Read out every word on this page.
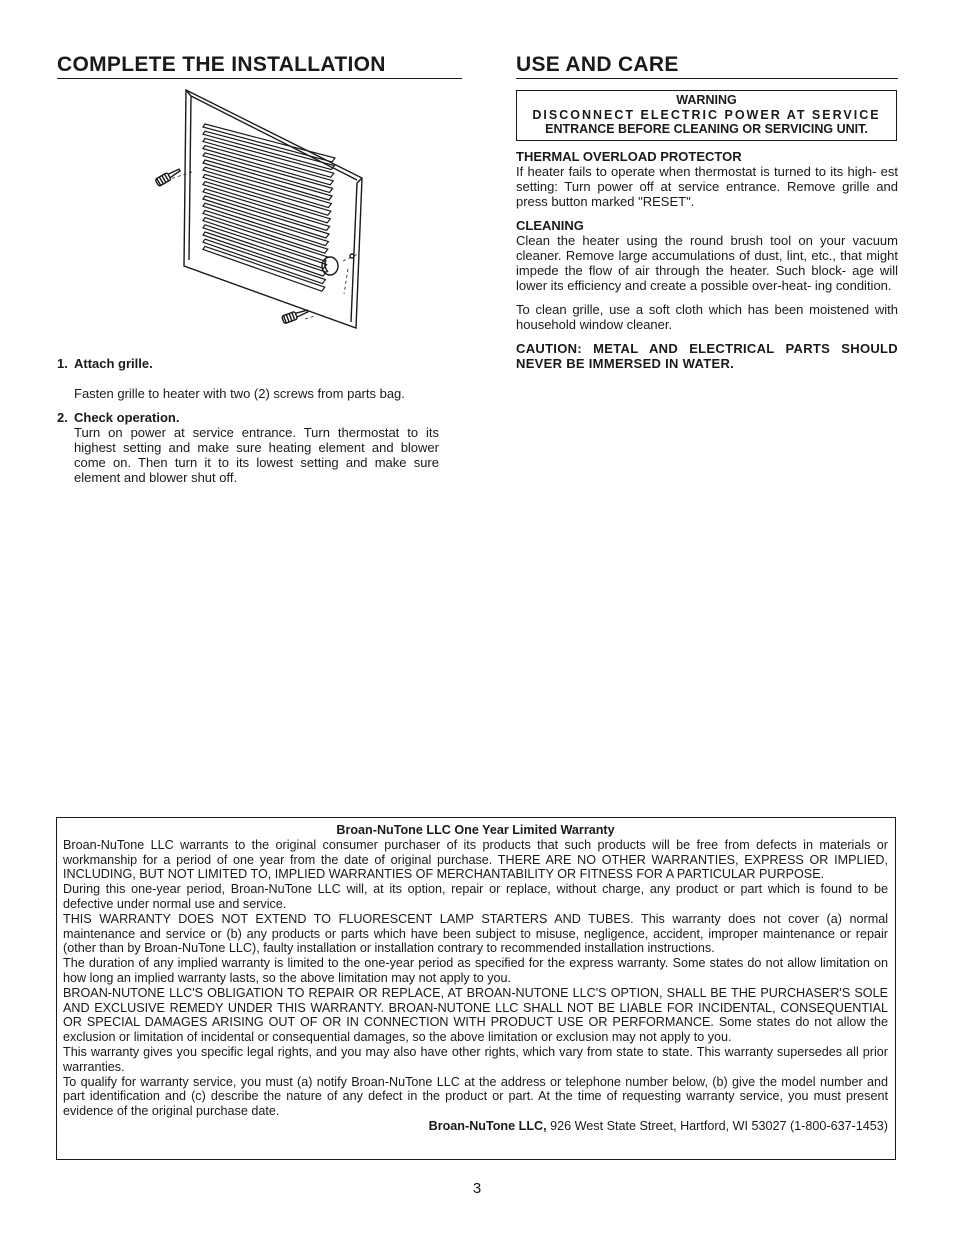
COMPLETE THE INSTALLATION
1. Attach grille.
Fasten grille to heater with two (2) screws from parts bag.
2. Check operation.
Turn on power at service entrance. Turn thermostat to its highest setting and make sure heating element and blower come on. Then turn it to its lowest setting and make sure element and blower shut off.
USE AND CARE
WARNING
DISCONNECT ELECTRIC POWER AT SERVICE
ENTRANCE BEFORE CLEANING OR SERVICING UNIT.
THERMAL OVERLOAD PROTECTOR

If heater fails to operate when thermostat is turned to its high- est setting: Turn power off at service entrance. Remove grille and press button marked "RESET".

CLEANING

Clean the heater using the round brush tool on your vacuum cleaner. Remove large accumulations of dust, lint, etc., that might impede the flow of air through the heater. Such block- age will lower its efficiency and create a possible over-heat- ing condition.

To clean grille, use a soft cloth which has been moistened with household window cleaner.

CAUTION: METAL AND ELECTRICAL PARTS SHOULD NEVER BE IMMERSED IN WATER.

Broan-NuTone LLC One Year Limited Warranty

Broan-NuTone LLC warrants to the original consumer purchaser of its products that such products will be free from defects in materials or workmanship for a period of one year from the date of original purchase. THERE ARE NO OTHER WARRANTIES, EXPRESS OR IMPLIED, INCLUDING, BUT NOT LIMITED TO, IMPLIED WARRANTIES OF MERCHANTABILITY OR FITNESS FOR A PARTICULAR PURPOSE.

During this one-year period, Broan-NuTone LLC will, at its option, repair or replace, without charge, any product or part which is found to be defective under normal use and service.

THIS WARRANTY DOES NOT EXTEND TO FLUORESCENT LAMP STARTERS AND TUBES. This warranty does not cover (a) normal maintenance and service or (b) any products or parts which have been subject to misuse, negligence, accident, improper maintenance or repair (other than by Broan-NuTone LLC), faulty installation or installation contrary to recommended installation instructions.

The duration of any implied warranty is limited to the one-year period as specified for the express warranty. Some states do not allow limitation on how long an implied warranty lasts, so the above limitation may not apply to you.

BROAN-NUTONE LLC'S OBLIGATION TO REPAIR OR REPLACE, AT BROAN-NUTONE LLC'S OPTION, SHALL BE THE PURCHASER'S SOLE AND EXCLUSIVE REMEDY UNDER THIS WARRANTY. BROAN-NUTONE LLC SHALL NOT BE LIABLE FOR INCIDENTAL, CONSEQUENTIAL OR SPECIAL DAMAGES ARISING OUT OF OR IN CONNECTION WITH PRODUCT USE OR PERFORMANCE. Some states do not allow the exclusion or limitation of incidental or consequential damages, so the above limitation or exclusion may not apply to you.

This warranty gives you specific legal rights, and you may also have other rights, which vary from state to state. This warranty supersedes all prior warranties.

To qualify for warranty service, you must (a) notify Broan-NuTone LLC at the address or telephone number below, (b) give the model number and part identification and (c) describe the nature of any defect in the product or part. At the time of requesting warranty service, you must present evidence of the original purchase date.

Broan-NuTone LLC, 926 West State Street, Hartford, WI 53027 (1-800-637-1453)

3
